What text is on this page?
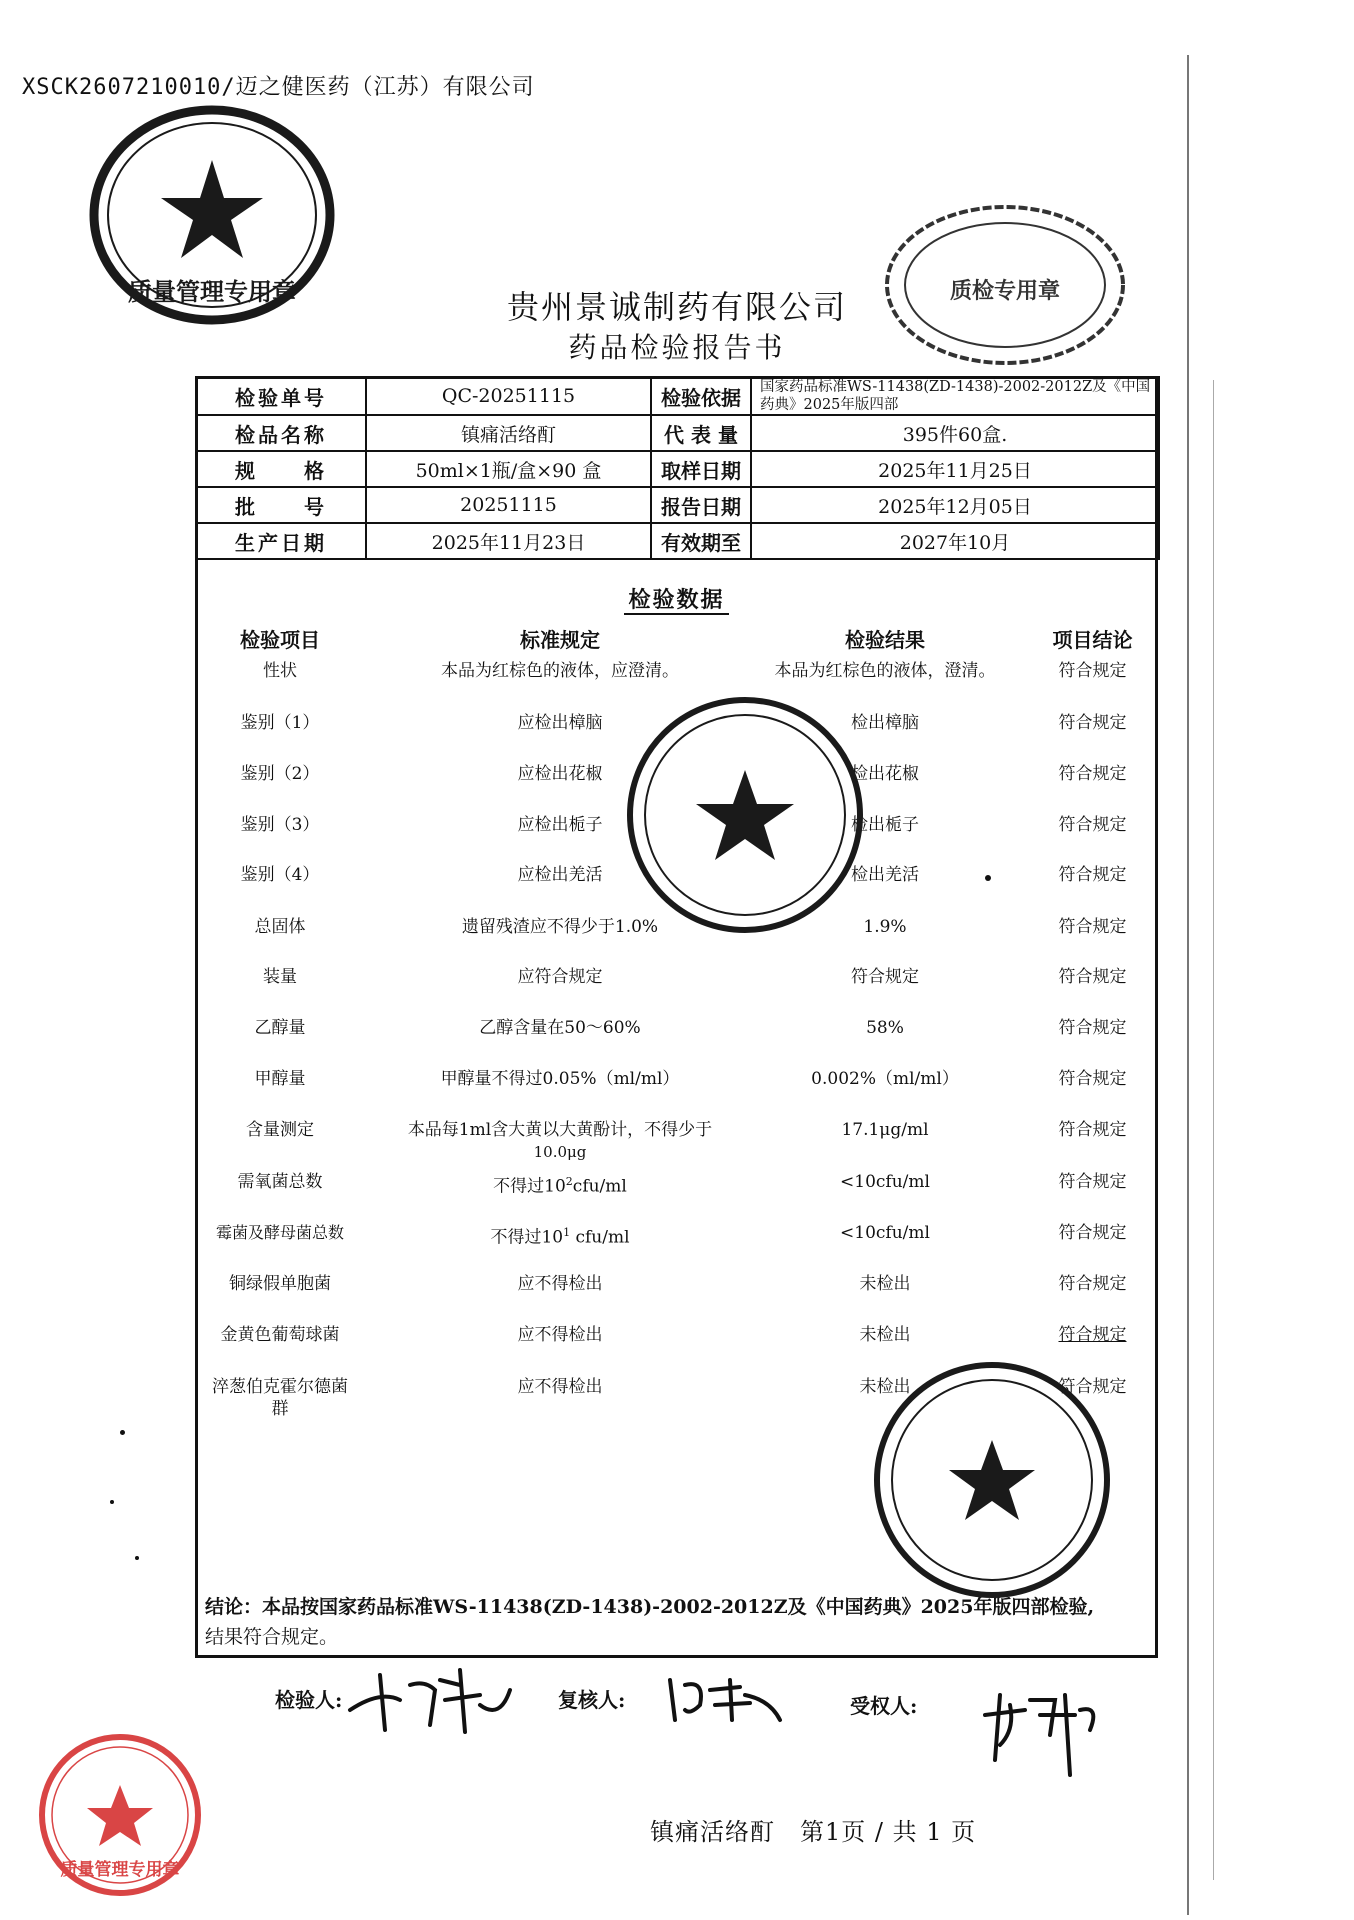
XSCK2607210010/迈之健医药（江苏）有限公司
贵州景诚制药有限公司
药品检验报告书
检验单号	QC-20251115	检验依据	国家药品标准WS-11438(ZD-1438)-2002-2012Z及《中国药典》2025年版四部
检品名称	镇痛活络酊	代 表 量	395件60盒.
规　　格	50ml×1瓶/盒×90 盒	取样日期	2025年11月25日
批　　号	20251115	报告日期	2025年12月05日
生产日期	2025年11月23日	有效期至	2027年10月
检验数据
检验项目	标准规定	检验结果	项目结论
性状	本品为红棕色的液体，应澄清。	本品为红棕色的液体，澄清。	符合规定
鉴别（1）	应检出樟脑	检出樟脑	符合规定
鉴别（2）	应检出花椒	检出花椒	符合规定
鉴别（3）	应检出栀子	检出栀子	符合规定
鉴别（4）	应检出羌活	检出羌活	符合规定
总固体	遗留残渣应不得少于1.0%	1.9%	符合规定
装量	应符合规定	符合规定	符合规定
乙醇量	乙醇含量在50～60%	58%	符合规定
甲醇量	甲醇量不得过0.05%（ml/ml）	0.002%（ml/ml）	符合规定
含量测定	本品每1ml含大黄以大黄酚计，不得少于
10.0μg
17.1μg/ml	符合规定
需氧菌总数	不得过$10^2cfu/ml$	<10cfu/ml	符合规定
霉菌及酵母菌总数	不得过$10^1$ cfu/ml	<10cfu/ml	符合规定
铜绿假单胞菌	应不得检出	未检出	符合规定
金黄色葡萄球菌	应不得检出	未检出	符合规定
淬葱伯克霍尔德菌
群
应不得检出	未检出	符合规定
结论：本品按国家药品标准WS-11438(ZD-1438)-2002-2012Z及《中国药典》2025年版四部检验,
结果符合规定。
检验人:	复核人:	受权人:
镇痛活络酊 第1页 / 共 1 页
质量管理专用章	质检专用章
质量管理专用章
